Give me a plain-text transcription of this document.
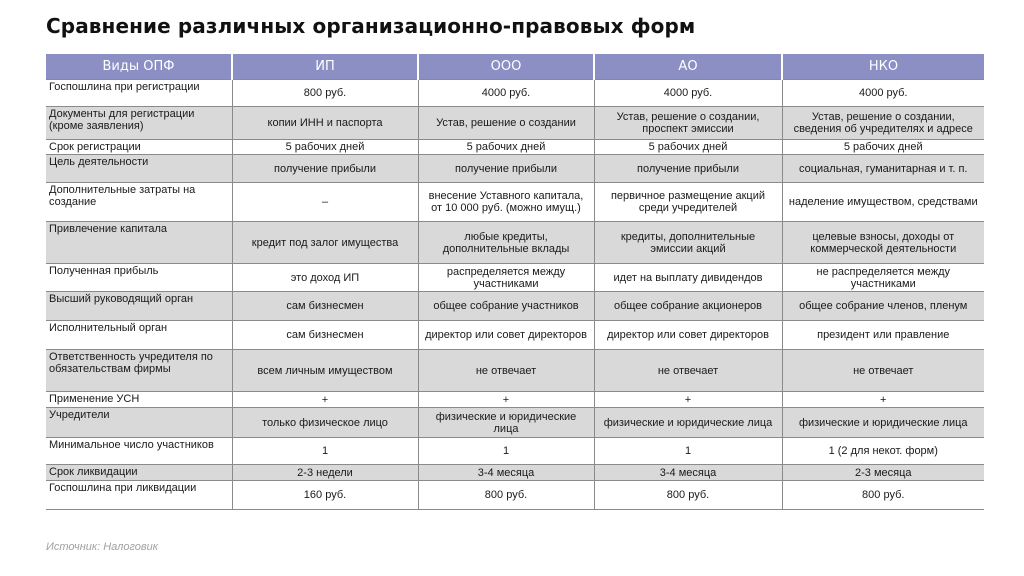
Сравнение различных организационно-правовых форм
Виды ОПФ	ИП	ООО	АО	НКО
Госпошлина при регистрации	800 руб.	4000 руб.	4000 руб.	4000 руб.
Документы для регистрации (кроме заявления)	копии ИНН и паспорта	Устав, решение о создании	Устав, решение о создании, проспект эмиссии	Устав, решение о создании, сведения об учредителях и адресе
Срок регистрации	5 рабочих дней	5 рабочих дней	5 рабочих дней	5 рабочих дней
Цель деятельности	получение прибыли	получение прибыли	получение прибыли	социальная, гуманитарная и т. п.
Дополнительные затраты на создание	–	внесение Уставного капитала, от 10 000 руб. (можно имущ.)	первичное размещение акций среди учредителей	наделение имуществом, средствами
Привлечение капитала	кредит под залог имущества	любые кредиты, дополнительные вклады	кредиты, дополнительные эмиссии акций	целевые взносы, доходы от коммерческой деятельности
Полученная прибыль	это доход ИП	распределяется между участниками	идет на выплату дивидендов	не распределяется между участниками
Высший руководящий орган	сам бизнесмен	общее собрание участников	общее собрание акционеров	общее собрание членов, пленум
Исполнительный орган	сам бизнесмен	директор или совет директоров	директор или совет директоров	президент или правление
Ответственность учредителя по обязательствам фирмы	всем личным имуществом	не отвечает	не отвечает	не отвечает
Применение УСН	+	+	+	+
Учредители	только физическое лицо	физические и юридические лица	физические и юридические лица	физические и юридические лица
Минимальное число участников	1	1	1	1 (2 для некот. форм)
Срок ликвидации	2-3 недели	3-4 месяца	3-4 месяца	2-3 месяца
Госпошлина при ликвидации	160 руб.	800 руб.	800 руб.	800 руб.
Источник: Налоговик
